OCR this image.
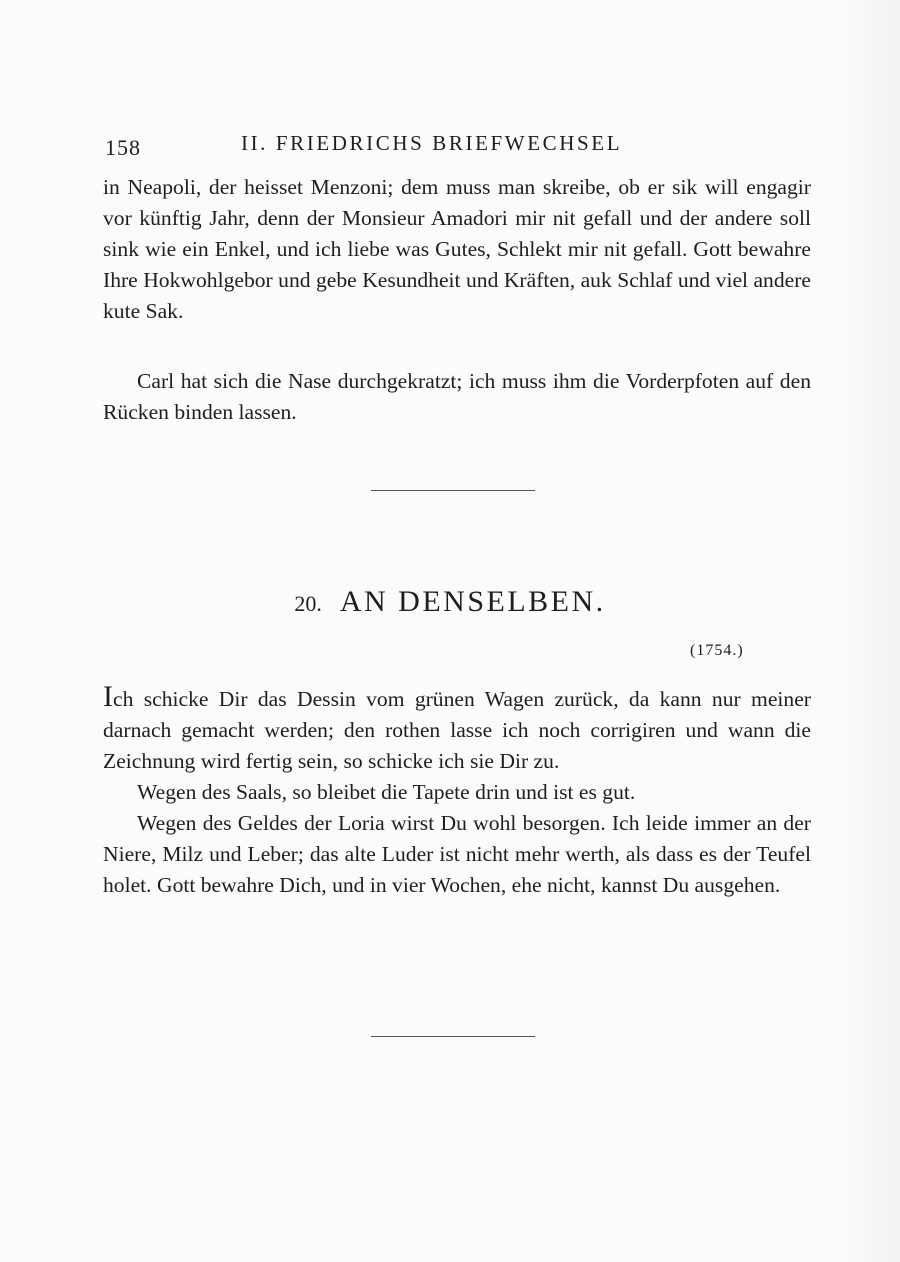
158	II. FRIEDRICHS BRIEFWECHSEL

in Neapoli, der heisset Menzoni; dem muss man skreibe, ob er sik will engagir vor künftig Jahr, denn der Monsieur Amadori mir nit gefall und der andere soll sink wie ein Enkel, und ich liebe was Gutes, Schlekt mir nit gefall. Gott bewahre Ihre Hokwohlgebor und gebe Kesundheit und Kräften, auk Schlaf und viel andere kute Sak.

Carl hat sich die Nase durchgekratzt; ich muss ihm die Vorderpfoten auf den Rücken binden lassen.

20. AN DENSELBEN.
(1754.)

Ich schicke Dir das Dessin vom grünen Wagen zurück, da kann nur meiner darnach gemacht werden; den rothen lasse ich noch corrigiren und wann die Zeichnung wird fertig sein, so schicke ich sie Dir zu.

Wegen des Saals, so bleibet die Tapete drin und ist es gut.

Wegen des Geldes der Loria wirst Du wohl besorgen. Ich leide immer an der Niere, Milz und Leber; das alte Luder ist nicht mehr werth, als dass es der Teufel holet. Gott bewahre Dich, und in vier Wochen, ehe nicht, kannst Du ausgehen.
